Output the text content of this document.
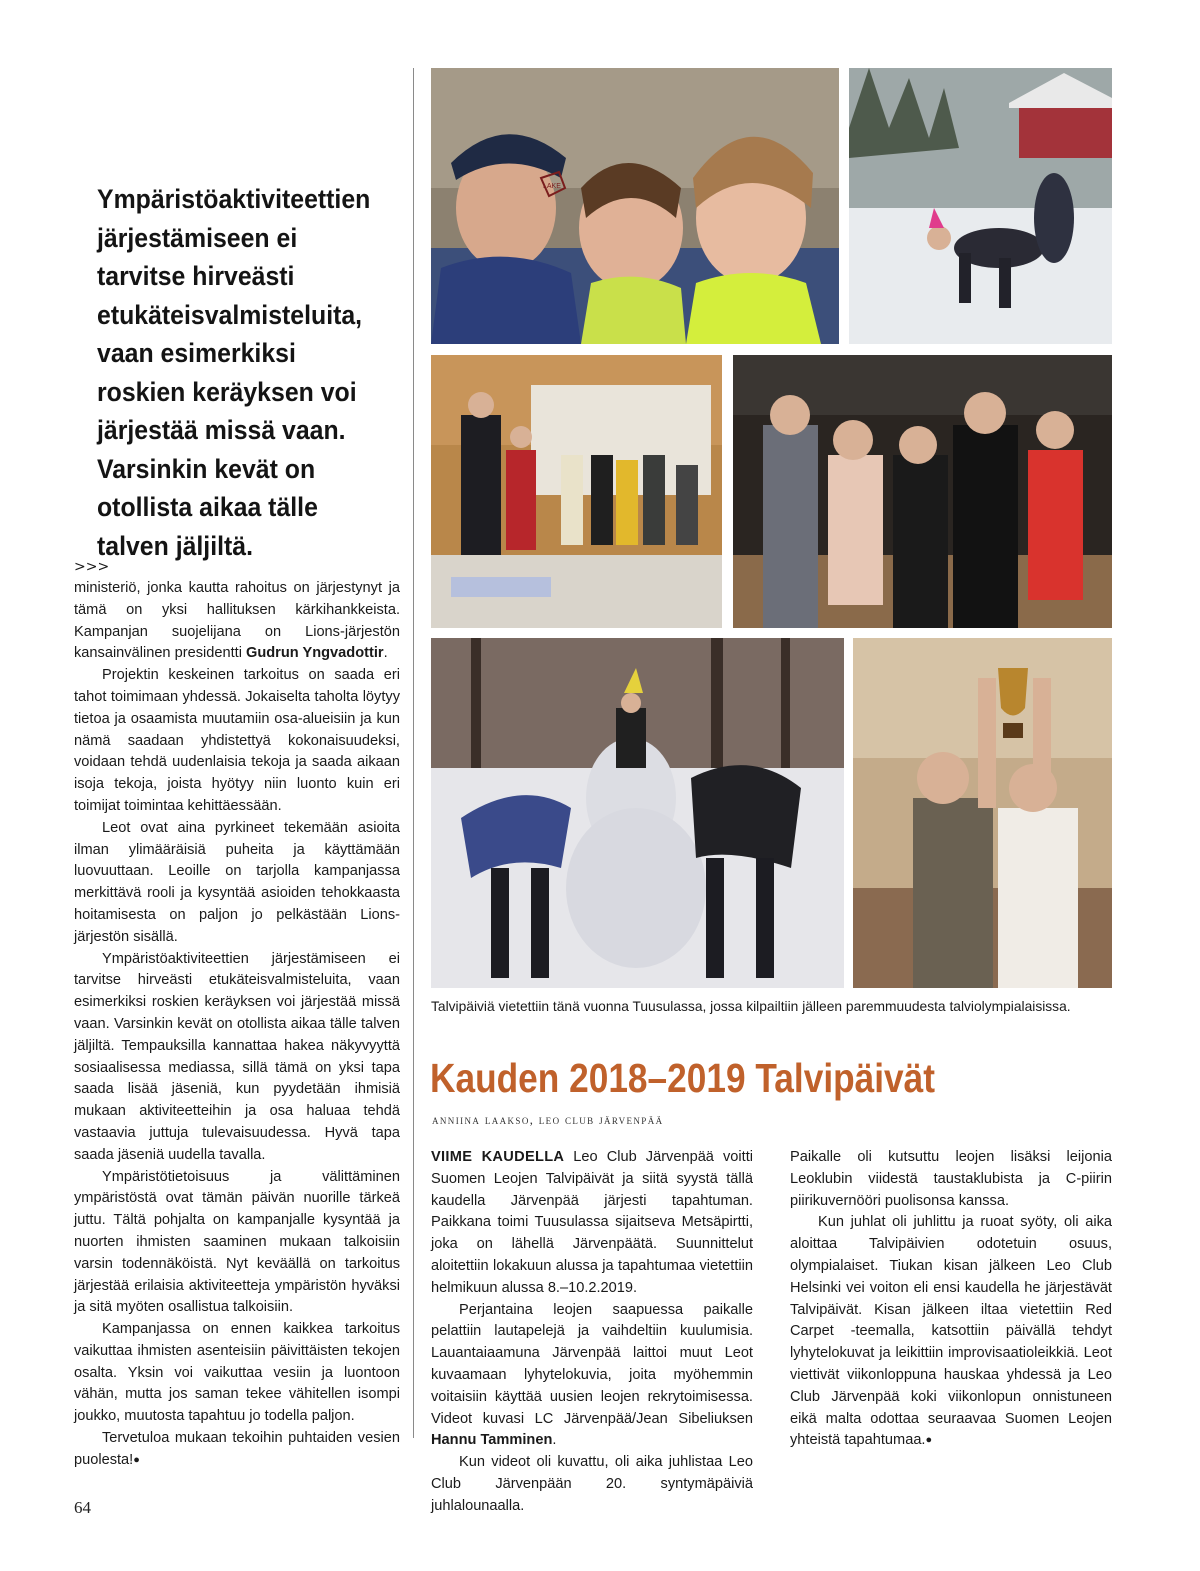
Ympäristöaktiviteettien järjestämiseen ei tarvitse hirveästi etukäteisvalmisteluita, vaan esimerkiksi roskien keräyksen voi järjestää missä vaan. Varsinkin kevät on otollista aikaa tälle talven jäljiltä.
>>>

ministeriö, jonka kautta rahoitus on järjestynyt ja tämä on yksi hallituksen kärkihankkeista. Kampanjan suojelijana on Lions-järjestön kansainvälinen presidentti Gudrun Yngvadottir.

Projektin keskeinen tarkoitus on saada eri tahot toimimaan yhdessä. Jokaiselta taholta löytyy tietoa ja osaamista muutamiin osa-alueisiin ja kun nämä saadaan yhdistettyä kokonaisuudeksi, voidaan tehdä uudenlaisia tekoja ja saada aikaan isoja tekoja, joista hyötyy niin luonto kuin eri toimijat toimintaa kehittäessään.

Leot ovat aina pyrkineet tekemään asioita ilman ylimääräisiä puheita ja käyttämään luovuuttaan. Leoille on tarjolla kampanjassa merkittävä rooli ja kysyntää asioiden tehokkaasta hoitamisesta on paljon jo pelkästään Lions-järjestön sisällä.

Ympäristöaktiviteettien järjestämiseen ei tarvitse hirveästi etukäteisvalmisteluita, vaan esimerkiksi roskien keräyksen voi järjestää missä vaan. Varsinkin kevät on otollista aikaa tälle talven jäljiltä. Tempauksilla kannattaa hakea näkyvyyttä sosiaalisessa mediassa, sillä tämä on yksi tapa saada lisää jäseniä, kun pyydetään ihmisiä mukaan aktiviteetteihin ja osa haluaa tehdä vastaavia juttuja tulevaisuudessa. Hyvä tapa saada jäseniä uudella tavalla.

Ympäristötietoisuus ja välittäminen ympäristöstä ovat tämän päivän nuorille tärkeä juttu. Tältä pohjalta on kampanjalle kysyntää ja nuorten ihmisten saaminen mukaan talkoisiin varsin todennäköistä. Nyt keväällä on tarkoitus järjestää erilaisia aktiviteetteja ympäristön hyväksi ja sitä myöten osallistua talkoisiin.

Kampanjassa on ennen kaikkea tarkoitus vaikuttaa ihmisten asenteisiin päivittäisten tekojen osalta. Yksin voi vaikuttaa vesiin ja luontoon vähän, mutta jos saman tekee vähitellen isompi joukko, muutosta tapahtuu jo todella paljon.

Tervetuloa mukaan tekoihin puhtaiden vesien puolesta!●

LAKE
Talvipäiviä vietettiin tänä vuonna Tuusulassa, jossa kilpailtiin jälleen paremmuudesta talviolympialaisissa.
Kauden 2018–2019 Talvipäivät
anniina laakso, leo club järvenpää

VIIME KAUDELLA Leo Club Järvenpää voitti Suomen Leojen Talvipäivät ja siitä syystä tällä kaudella Järvenpää järjesti tapahtuman. Paikkana toimi Tuusulassa sijaitseva Metsäpirtti, joka on lähellä Järvenpäätä. Suunnittelut aloitettiin lokakuun alussa ja tapahtumaa vietettiin helmikuun alussa 8.–10.2.2019.

Perjantaina leojen saapuessa paikalle pelattiin lautapelejä ja vaihdeltiin kuulumisia. Lauantaiaamuna Järvenpää laittoi muut Leot kuvaamaan lyhytelokuvia, joita myöhemmin voitaisiin käyttää uusien leojen rekrytoimisessa. Videot kuvasi LC Järvenpää/Jean Sibeliuksen Hannu Tamminen.

Kun videot oli kuvattu, oli aika juhlistaa Leo Club Järvenpään 20. syntymäpäiviä juhlalounaalla.

Paikalle oli kutsuttu leojen lisäksi leijonia Leoklubin viidestä taustaklubista ja C-piirin piirikuvernööri puolisonsa kanssa.

Kun juhlat oli juhlittu ja ruoat syöty, oli aika aloittaa Talvipäivien odotetuin osuus, olympialaiset. Tiukan kisan jälkeen Leo Club Helsinki vei voiton eli ensi kaudella he järjestävät Talvipäivät. Kisan jälkeen iltaa vietettiin Red Carpet -teemalla, katsottiin päivällä tehdyt lyhytelokuvat ja leikittiin improvisaatioleikkiä. Leot viettivät viikonloppuna hauskaa yhdessä ja Leo Club Järvenpää koki viikonlopun onnistuneen eikä malta odottaa seuraavaa Suomen Leojen yhteistä tapahtumaa.●

64
